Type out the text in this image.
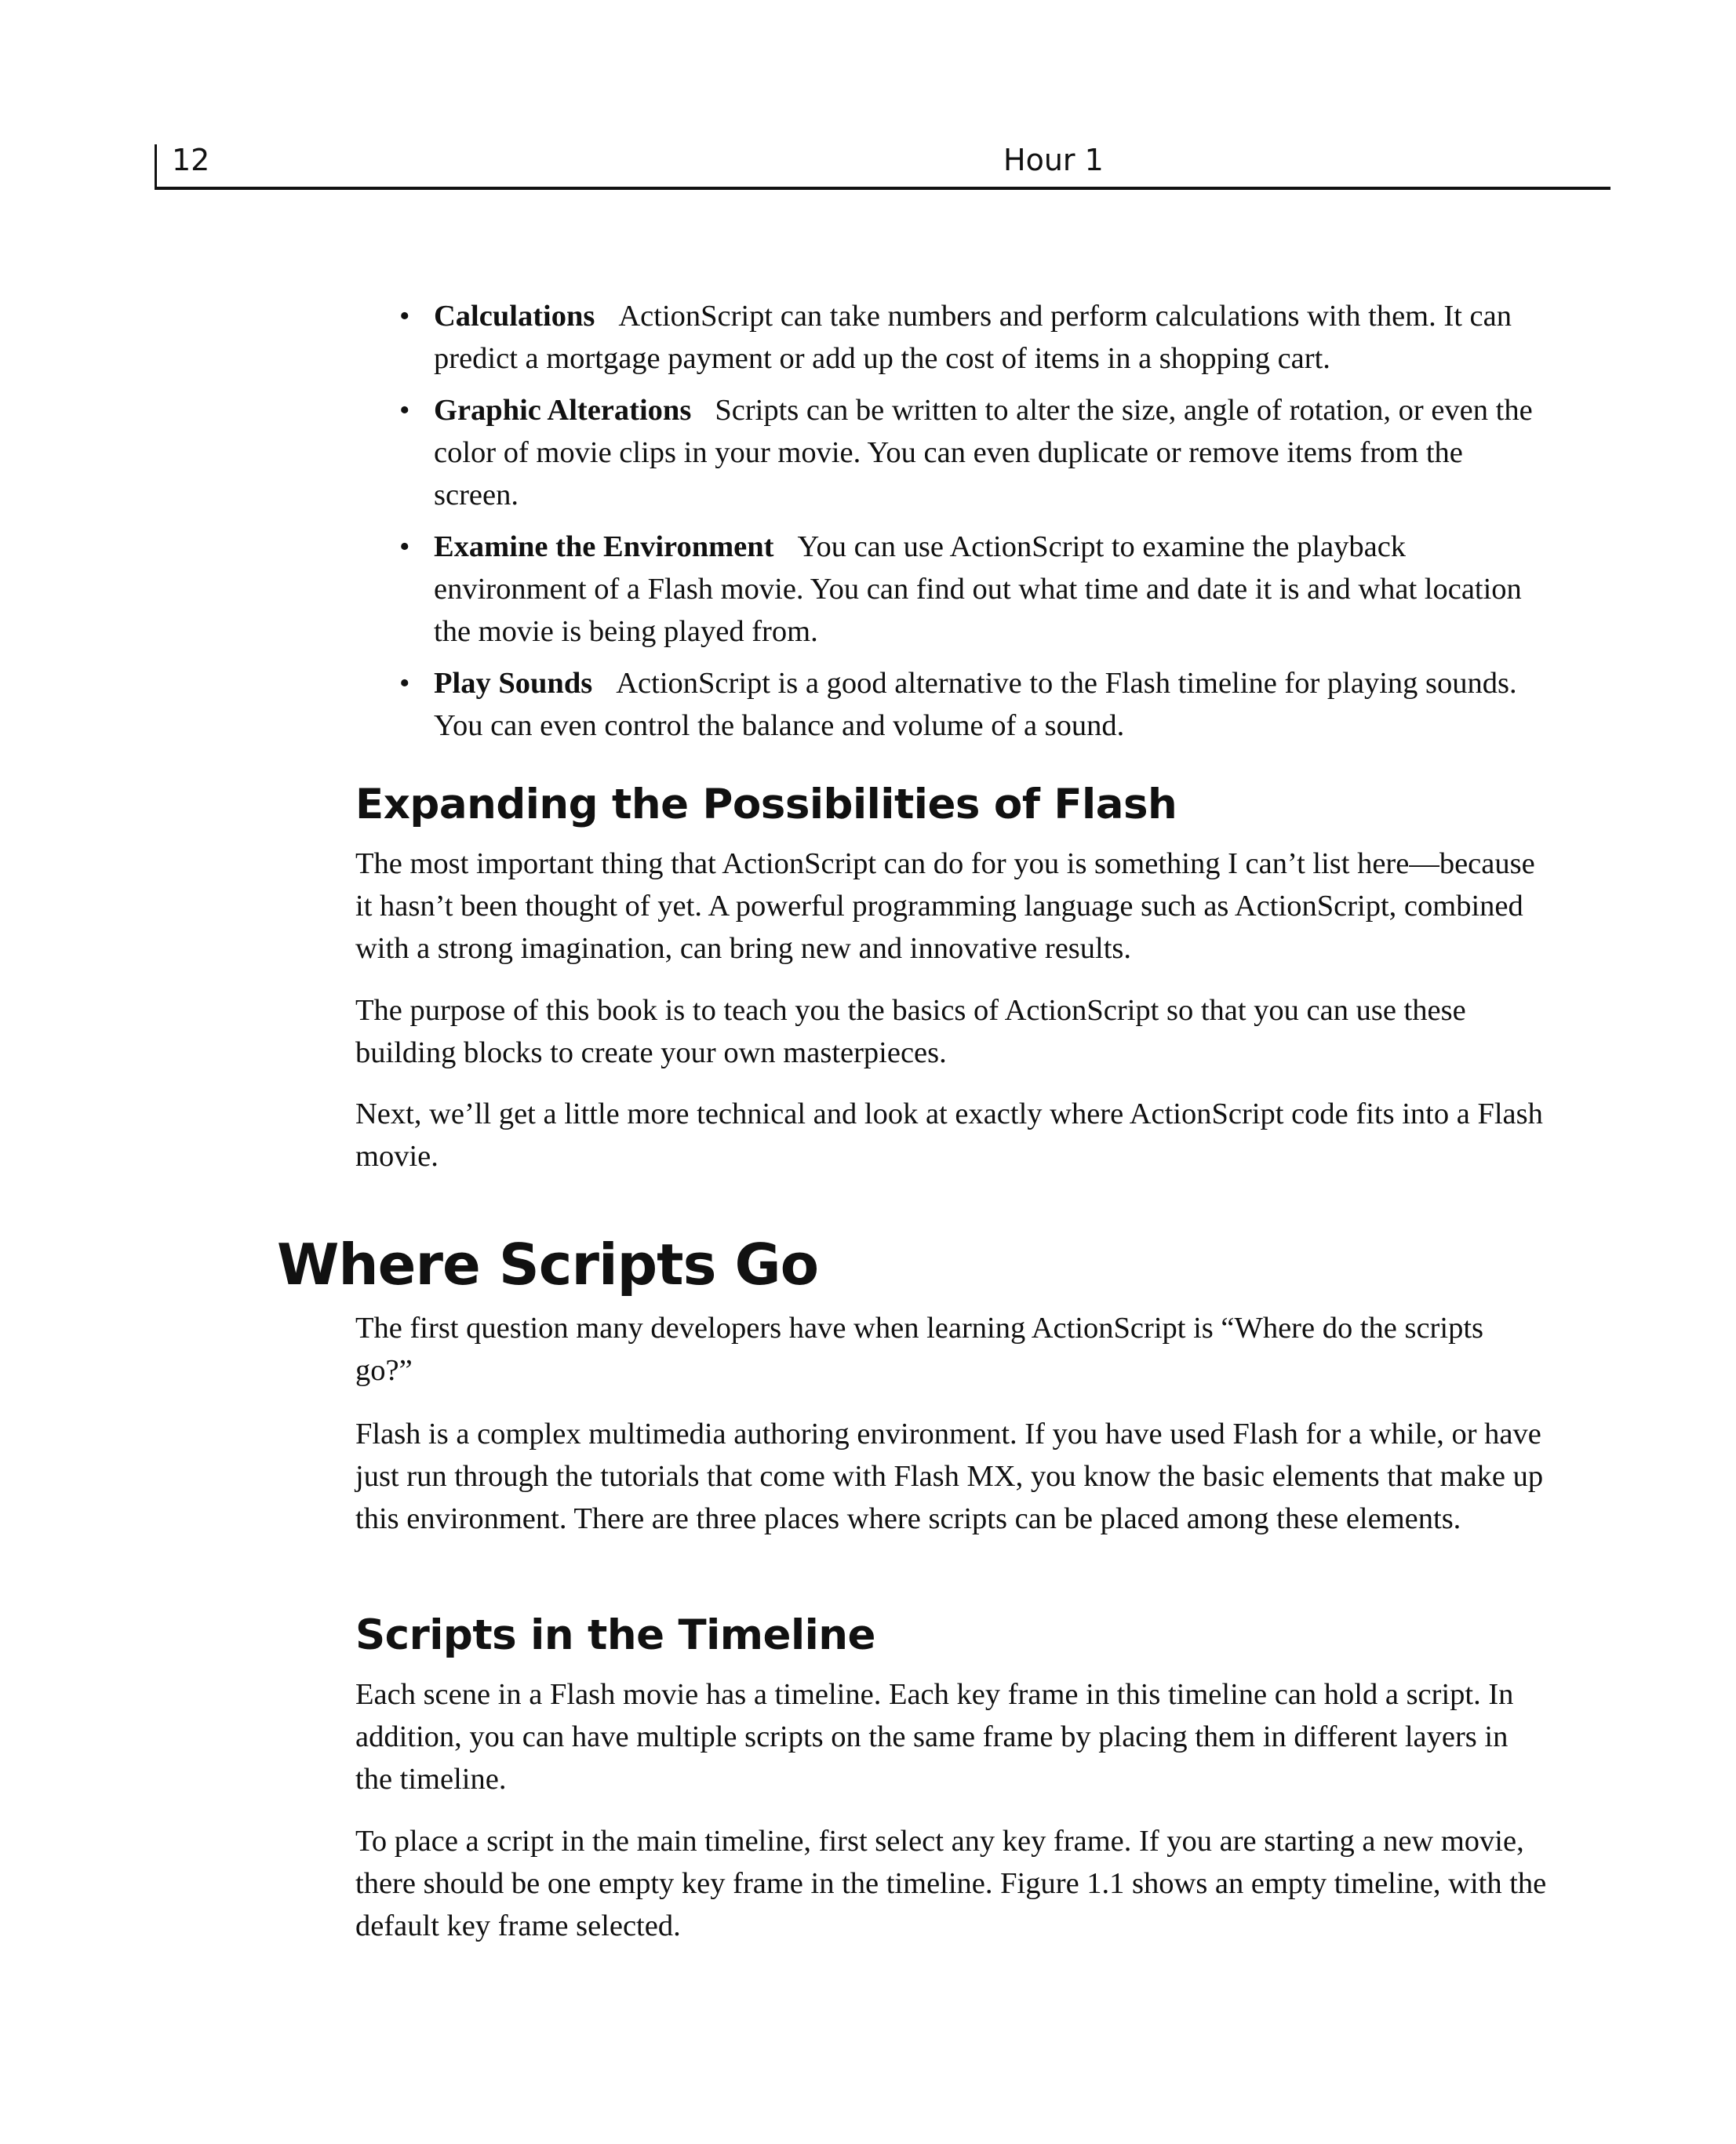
12	Hour 1
• Calculations ActionScript can take numbers and perform calculations with them. It can predict a mortgage payment or add up the cost of items in a shopping cart.
• Graphic Alterations Scripts can be written to alter the size, angle of rotation, or even the color of movie clips in your movie. You can even duplicate or remove items from the screen.
• Examine the Environment You can use ActionScript to examine the playback environment of a Flash movie. You can find out what time and date it is and what location the movie is being played from.
• Play Sounds ActionScript is a good alternative to the Flash timeline for playing sounds. You can even control the balance and volume of a sound.
Expanding the Possibilities of Flash

The most important thing that ActionScript can do for you is something I can’t list here—because it hasn’t been thought of yet. A powerful programming language such as ActionScript, combined with a strong imagination, can bring new and innovative results.

The purpose of this book is to teach you the basics of ActionScript so that you can use these building blocks to create your own masterpieces.

Next, we’ll get a little more technical and look at exactly where ActionScript code fits into a Flash movie.

Where Scripts Go

The first question many developers have when learning ActionScript is “Where do the scripts go?”

Flash is a complex multimedia authoring environment. If you have used Flash for a while, or have just run through the tutorials that come with Flash MX, you know the basic elements that make up this environment. There are three places where scripts can be placed among these elements.

Scripts in the Timeline

Each scene in a Flash movie has a timeline. Each key frame in this timeline can hold a script. In addition, you can have multiple scripts on the same frame by placing them in different layers in the timeline.

To place a script in the main timeline, first select any key frame. If you are starting a new movie, there should be one empty key frame in the timeline. Figure 1.1 shows an empty timeline, with the default key frame selected.
